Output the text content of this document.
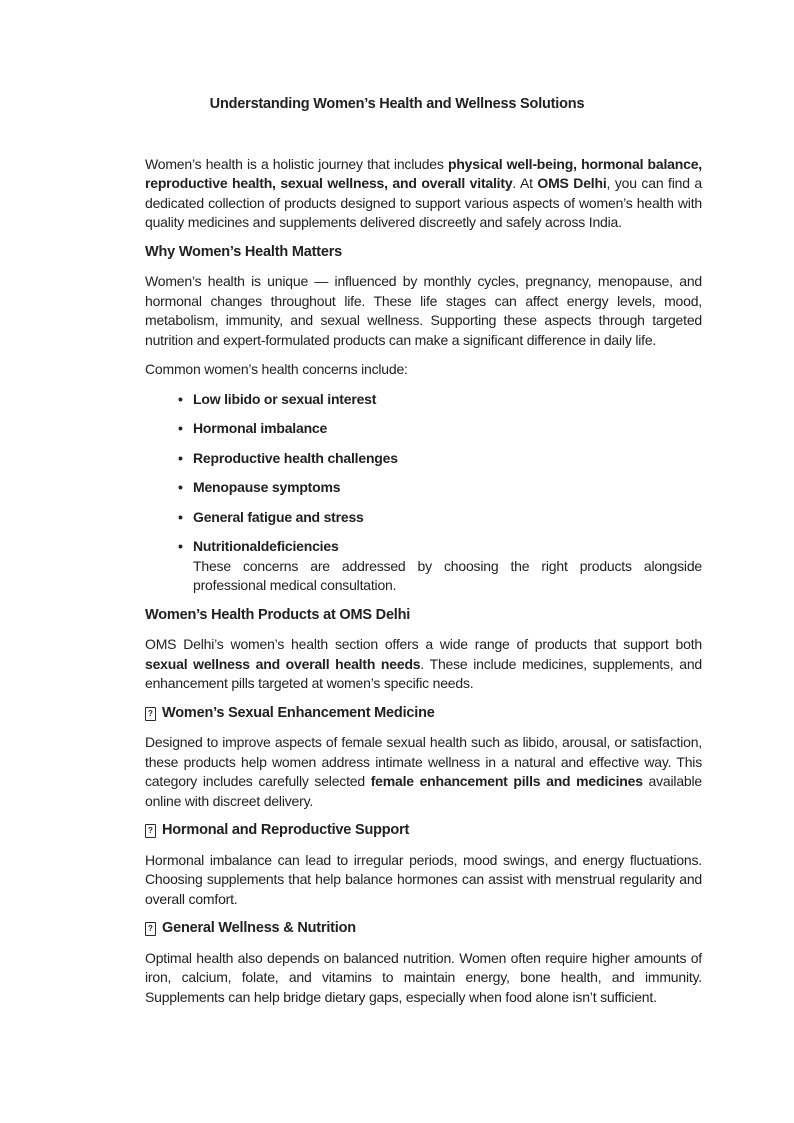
Understanding Women’s Health and Wellness Solutions

Women’s health is a holistic journey that includes physical well-being, hormonal balance, reproductive health, sexual wellness, and overall vitality. At OMS Delhi, you can find a dedicated collection of products designed to support various aspects of women’s health with quality medicines and supplements delivered discreetly and safely across India.

Why Women’s Health Matters

Women’s health is unique — influenced by monthly cycles, pregnancy, menopause, and hormonal changes throughout life. These life stages can affect energy levels, mood, metabolism, immunity, and sexual wellness. Supporting these aspects through targeted nutrition and expert-formulated products can make a significant difference in daily life.

Common women’s health concerns include:

• Low libido or sexual interest
• Hormonal imbalance
• Reproductive health challenges
• Menopause symptoms
• General fatigue and stress
• Nutritionaldeficiencies
These concerns are addressed by choosing the right products alongside professional medical consultation.
Women’s Health Products at OMS Delhi

OMS Delhi’s women’s health section offers a wide range of products that support both sexual wellness and overall health needs. These include medicines, supplements, and enhancement pills targeted at women’s specific needs.

? Women’s Sexual Enhancement Medicine

Designed to improve aspects of female sexual health such as libido, arousal, or satisfaction, these products help women address intimate wellness in a natural and effective way. This category includes carefully selected female enhancement pills and medicines available online with discreet delivery.

? Hormonal and Reproductive Support

Hormonal imbalance can lead to irregular periods, mood swings, and energy fluctuations. Choosing supplements that help balance hormones can assist with menstrual regularity and overall comfort.

? General Wellness & Nutrition

Optimal health also depends on balanced nutrition. Women often require higher amounts of iron, calcium, folate, and vitamins to maintain energy, bone health, and immunity. Supplements can help bridge dietary gaps, especially when food alone isn’t sufficient.
